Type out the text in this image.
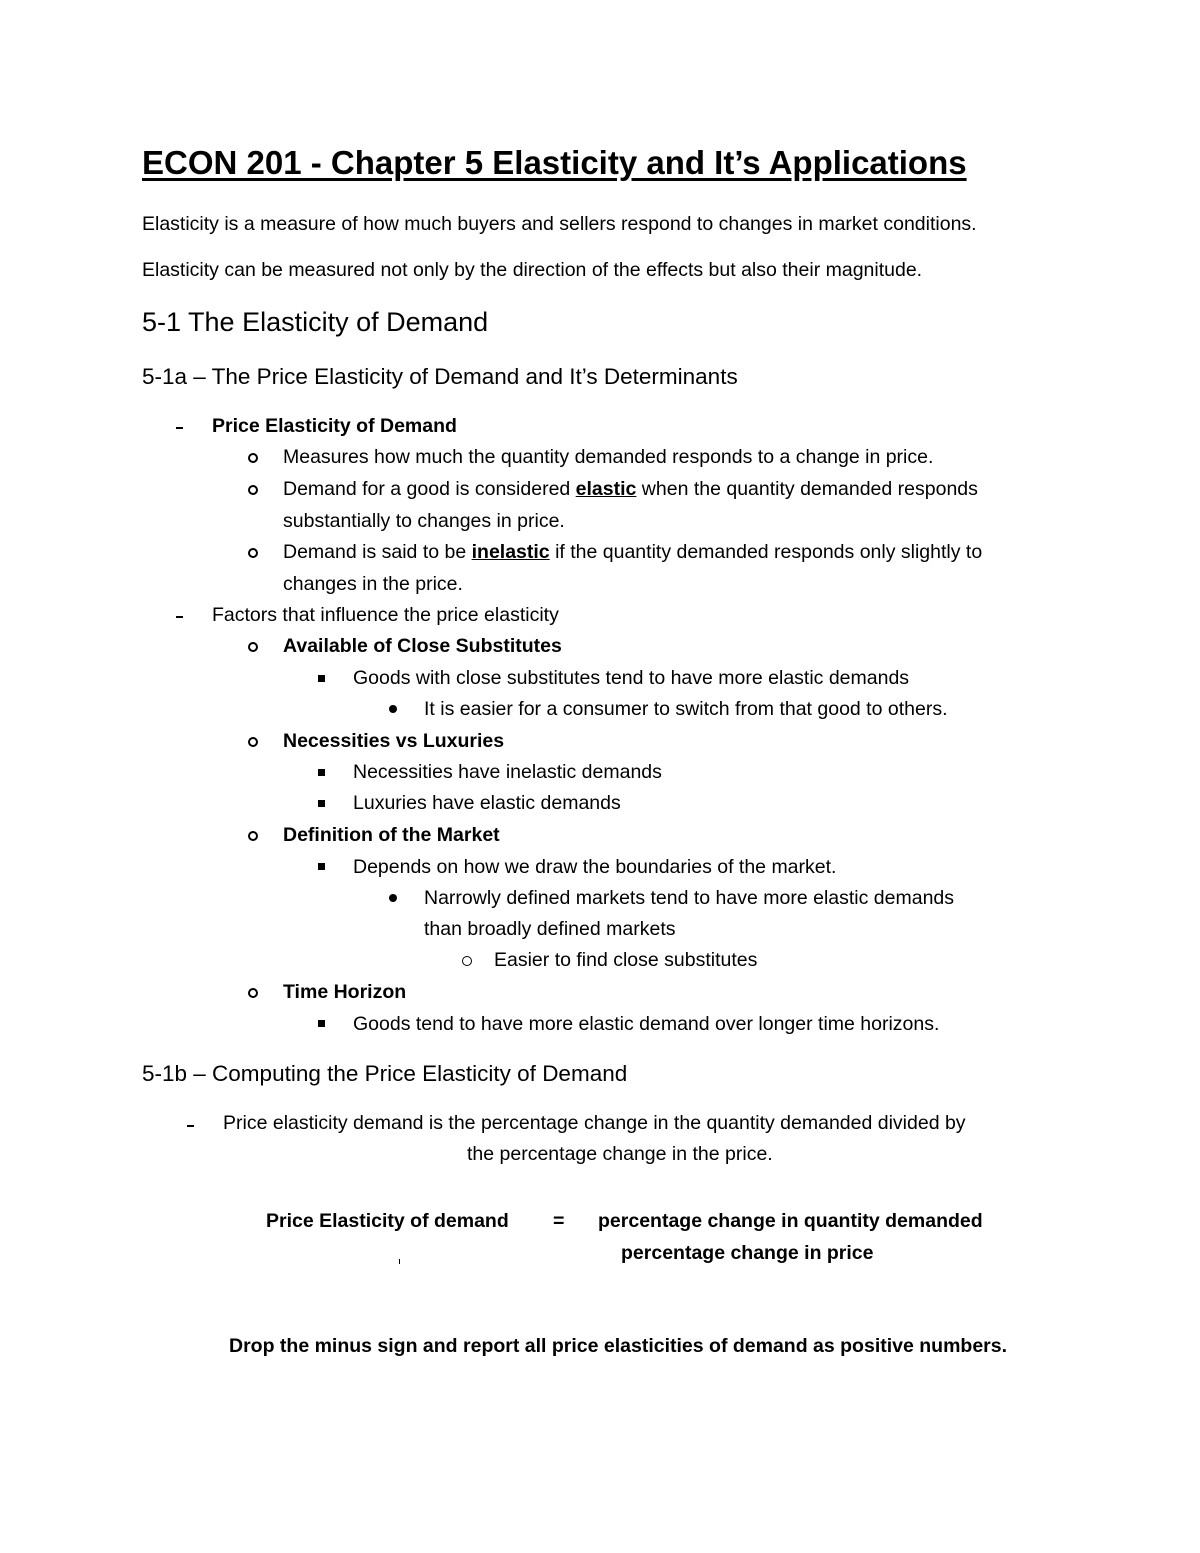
ECON 201 - Chapter 5 Elasticity and It’s Applications
Elasticity is a measure of how much buyers and sellers respond to changes in market conditions.
Elasticity can be measured not only by the direction of the effects but also their magnitude.
5-1 The Elasticity of Demand
5-1a – The Price Elasticity of Demand and It’s Determinants
Price Elasticity of Demand
Measures how much the quantity demanded responds to a change in price.
Demand for a good is considered elastic when the quantity demanded responds
substantially to changes in price.
Demand is said to be inelastic if the quantity demanded responds only slightly to
changes in the price.
Factors that influence the price elasticity
Available of Close Substitutes
Goods with close substitutes tend to have more elastic demands
It is easier for a consumer to switch from that good to others.
Necessities vs Luxuries
Necessities have inelastic demands
Luxuries have elastic demands
Definition of the Market
Depends on how we draw the boundaries of the market.
Narrowly defined markets tend to have more elastic demands
than broadly defined markets
Easier to find close substitutes
Time Horizon
Goods tend to have more elastic demand over longer time horizons.
5-1b – Computing the Price Elasticity of Demand
Price elasticity demand is the percentage change in the quantity demanded divided by
the percentage change in the price.
Price Elasticity of demand = percentage change in quantity demanded
percentage change in price
Drop the minus sign and report all price elasticities of demand as positive numbers.
